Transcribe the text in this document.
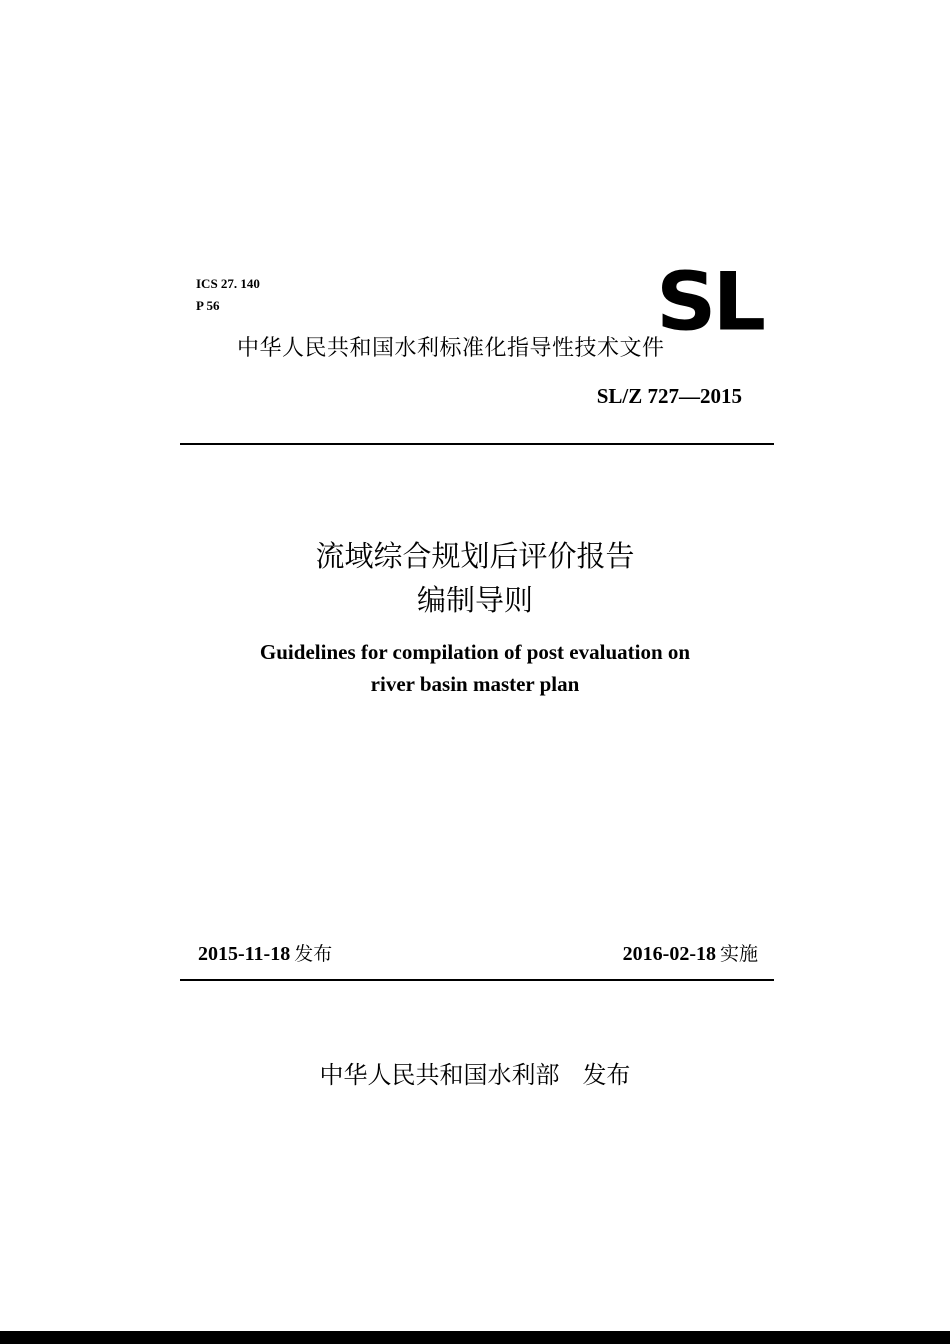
ICS 27. 140
P 56	SL
中华人民共和国水利标准化指导性技术文件
SL/Z 727—2015
流域综合规划后评价报告
编制导则
Guidelines for compilation of post evaluation on
river basin master plan
2015-11-18 发布	2016-02-18 实施
中华人民共和国水利部 发布
